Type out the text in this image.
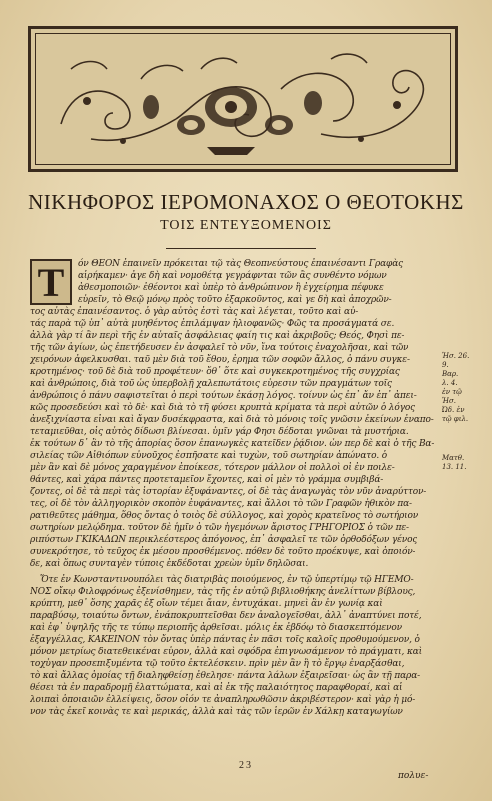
ΝΙΚΗΦΟΡΟΣ ΙΕΡΟΜΟΝΑΧΟΣ Ο ΘΕΟΤΟΚΗΣ
ΤΟΙΣ ΕΝΤΕΥΞΟΜΕΝΟΙΣ
Τ	όν ΘΕΟΝ ἐπαινεῖν πρόκειται τῷ τὰς Θεοπνεύστους ἐπαινέσαντι Γραφὰς
αἱρήκαμεν· ἀγε δὴ καὶ νομοθέτᾳ γεγράφνται τῶν ἂς συνθέντο νόμων
ἀθεσμοποιῶν· ἐθέοντοι καὶ ὑπὲρ τὸ ἀνθρώπινον ἢ ἐγχείρημα πέφυκε
εὑρεῖν, τὸ Θεῷ μόνῳ πρὸς τοῦτο ἐξαρκοῦντος, καὶ γε δὴ καὶ ἀποχρῶν-
τος αὐτὰς ἐπαινέσαντος. ὁ γὰρ αὐτὸς ἐστὶ τὰς καὶ λέγεται, τοῦτο καὶ αὐ-
τάς παρὰ τῷ ὑπ᾽ αὐτὰ μυηθέντος ἐπιλάμψαν ἡλιοφανῶς· Φῶς τα προσάγματά σε.
ἀλλὰ γὰρ τί ἂν περὶ τῆς ἐν αὐταῖς ἀσφάλειας φαίη τις καὶ ἀκριβοῦς; Θεός, Φησὶ πε-
τῆς τῶν ἀγίων, ὡς ἐπετήδευσεν ἐν ἀσφαλεῖ τὸ νῦν, ἵνα τούτοις ἐναχολῆσαι, καὶ τῶν
χειρόνων ἀφελκυσθαι. ταῦ μὲν διὰ τοῦ ἔθου, ἐρημα τῶν σοφῶν ἄλλος, ὁ πάνυ συγκε-
κροτημένος· τοῦ δὲ διὰ τοῦ προφέτευν· ὅθ᾽ ὅτε καὶ συγκεκροτημένος τῆς συγχρίας
καὶ ἀνθρώποις, διὰ τοῦ ὡς ὑπερβολῇ χαλεπωτάτοις εὑρεσιν τῶν πραγμάτων τοῖς
ἀνθρώποις ὁ πάνυ σαφιστεῖται ὁ περὶ τούτων ἐκάσῃ λόγος. τοίνυν ὡς ἐπ᾽ ἄν ἐπ᾽ ἀπει-
κῶς προσεδεύσι καὶ τὸ δὲ· καὶ διὰ τὸ τῆ φύσει κρυπτὰ κρίματα τὰ περὶ αὐτῶν ὁ λόγος
ἀνεξιχνίαστα εἶναι καὶ ἄγαν δυσέκφραστα, καὶ διὰ τὸ μόνοις τοῖς γνῶσιν ἐκείνων ἐναπο-
τεταμιεῦθαι, οἷς αὐτὸς δίδωσι βλίνεσαι. ὑμῖν γάρ Φησι δέδοται γνῶναι τὰ μυστήρια.
ἐκ τούτων δ᾽ ἂν τὸ τῆς ἀπορίας ὅσον ἐπανωγκὲς κατεῖδεν ῥᾴδιον. ὧν περ δὲ καὶ ὁ τῆς Βα-
σιλείας τῶν Αἰθιόπων εὐνοῦχος ἐσπῆσατε καὶ τυχὼν, τοῦ σωτηρίαν ἀπώνατο. ὁ
μὲν ἂν καὶ δὲ μόνος χαραγμένον ἐποίκεσε, τότερον μάλλον οἱ πολλοὶ οἱ ἐν ποιλε-
θάντες, καὶ χάρα πάντες προτεταμεῖον ἔχοντες, καὶ οἱ μὲν τὸ γράμμα συμβιβά-
ζοντες, οἱ δὲ τὰ περὶ τὰς ἱστορίαν ἐξυφάναντες, οἱ δὲ τὰς ἀναγωγὰς τὸν νῦν ἀναρύττον-
τες, οἱ δὲ τὸν ἀλληγορικὸν σκοπὸν ἐυφάναντες, καὶ ἄλλοι τὸ τῶν Γραφῶν ἠθικὸν πα-
ρατιθεῦτες μάθημα, ὅθος ὄντας ὁ τοιὸς δὲ σύλλογος, καὶ χορὸς κρατεῖνος τὸ σωτήριον
σωτηρίων μελῴδημα. τοῦτον δὲ ἡμῖν ὁ τῶν ἡγεμόνων ἄριστος ΓΡΗΓΟΡΙΟΣ ὁ τῶν πε-
ριπύστων ΓΚΙΚΑΔΩΝ περικλεέστερος ἀπόγονος, ἐπ᾽ ἀσφαλεῖ τε τῶν ὀρθοδόξων γένος
συνεκρότησε, τὸ τεῦχος ἐκ μέσου προσθέμενος. πόθεν δὲ τοῦτο προέκυψε, καὶ ὁποιόν-
δε, καὶ ὅπως συνταγὲν τύποις ἐκδέδοται χρεὼν ὑμῖν δηλῶσαι.
Ὅτε ἐν Κωνσταντινουπόλει τὰς διατριβὰς ποιούμενος, ἐν τῷ ὑπερτίμῳ τῷ ΗΓΕΜΟ-
ΝΟΣ οἴκῳ Φιλοφρόνως ἐξενίσθημεν, τὰς τῆς ἐν αὐτῷ βιβλιοθήκης ἀνελίττων βίβλους,
κρύπτη, μεθ᾽ ὅσης χαρᾶς ἐξ οἴων τέμει ἄιαν, ἐντυχάκαι. μηνεὶ ἂν ἐν γωνίᾳ καὶ
παραβύσῳ, τοιαύτω ὄντων, ἐνάποκρυπτεῖσθαι δεν ἀναλογεῖσθαι, ἀλλ᾽ ἀναπτύνει ποτέ,
καὶ ἐφ᾽ ὑψηλῆς τῆς τε τύπῳ περιοπῆς ἀρθεῖσαι. μόλις ἐκ ἐβδόῳ τὸ διασκεπτόμενον
ἐξαγγέλλας, ΚΑΚΕΙΝΟΝ τὸν ὄντας ὑπὲρ πάντας ἐν πᾶσι τοῖς καλοῖς προθυμούμενον, ὁ
μόνον μετρίως διατεθεικέναι εὗρον, ἀλλὰ καὶ σφόδρα ἐπιγνωσάμενον τὸ πράγματι, καὶ
τοχὑγαν προσεπιξυμέντα τῷ τοῦτο ἐκτελέσκειν. πρὶν μὲν ἂν ἢ τὸ ἔργῳ ἐναρξάσθαι,
τὸ καὶ ἄλλας ὁμοίας τῇ διαληφθείσῃ ἐθελησε· πάντα λάλων ἐξαιρεῖσαι· ὡς ἂν τῇ παρα-
θέσει τὰ ἐν παραδρομῇ ἐλαττώματα, καὶ αἱ ἐκ τῆς παλαιότητος παραφθοραί, καὶ αἱ
λοιπαὶ ὁποιαιῶν ἐλλείψεις, ὅσον οἷόν τε ἀναπληρωθῶσιν ἀκριβέστερον· καὶ γὰρ ἡ μό-
νον τὰς ἐκεῖ κοινὰς τε καὶ μερικάς, ἀλλὰ καὶ τὰς τῶν ἱερῶν ἐν Χάλκῃ καταγωγίων
Ἡσ. 26.
9.
Βαρ.
λ. 4.
ἐν τῷ
Ἡσ.
Ὠδ. ἐν
τῷ φιλ.
Ματθ.
13. 11.
23
πολυε-
